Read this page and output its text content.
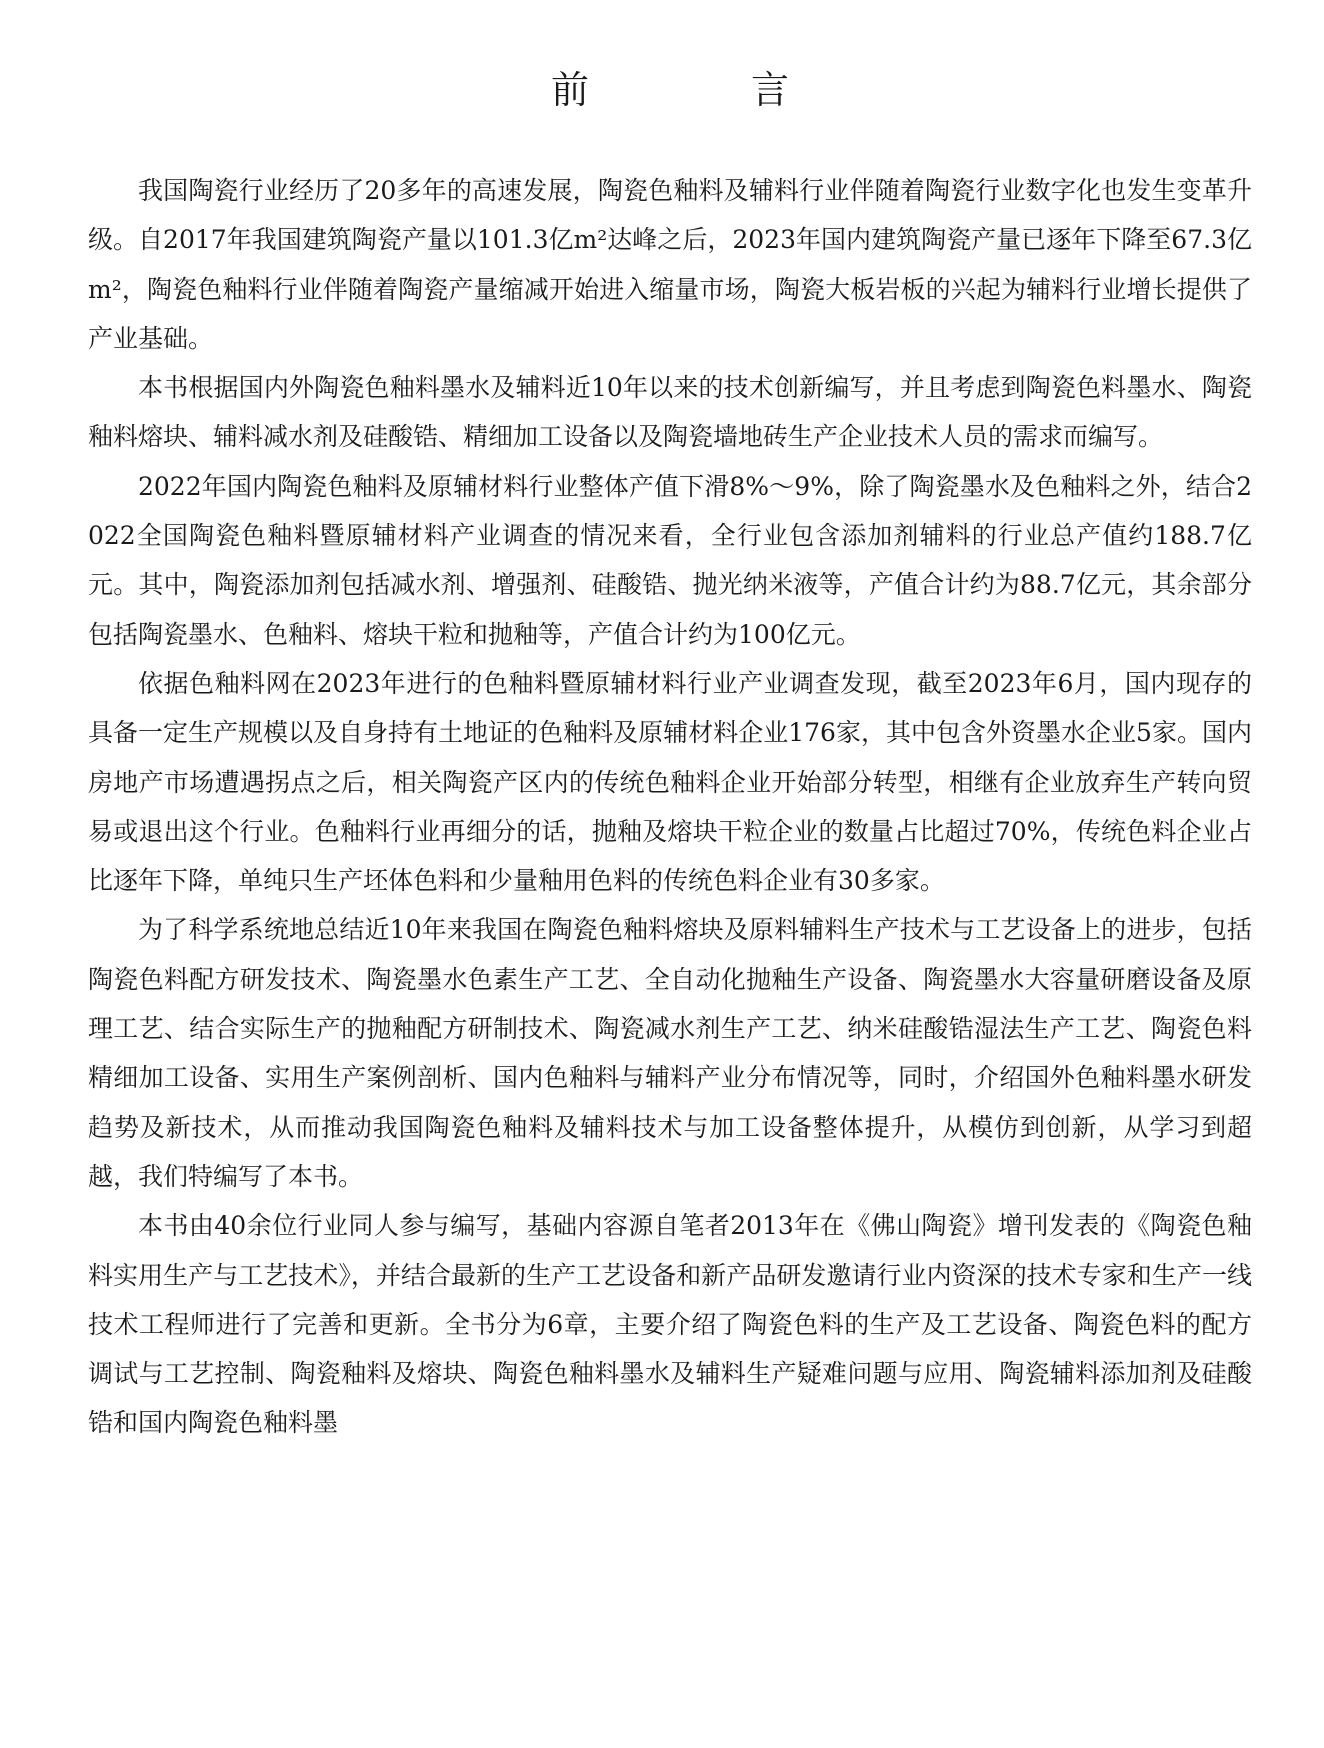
前　言

我国陶瓷行业经历了20多年的高速发展，陶瓷色釉料及辅料行业伴随着陶瓷行业数字化也发生变革升级。自2017年我国建筑陶瓷产量以101.3亿m²达峰之后，2023年国内建筑陶瓷产量已逐年下降至67.3亿m²，陶瓷色釉料行业伴随着陶瓷产量缩减开始进入缩量市场，陶瓷大板岩板的兴起为辅料行业增长提供了产业基础。

本书根据国内外陶瓷色釉料墨水及辅料近10年以来的技术创新编写，并且考虑到陶瓷色料墨水、陶瓷釉料熔块、辅料减水剂及硅酸锆、精细加工设备以及陶瓷墙地砖生产企业技术人员的需求而编写。

2022年国内陶瓷色釉料及原辅材料行业整体产值下滑8%～9%，除了陶瓷墨水及色釉料之外，结合2022全国陶瓷色釉料暨原辅材料产业调查的情况来看，全行业包含添加剂辅料的行业总产值约188.7亿元。其中，陶瓷添加剂包括减水剂、增强剂、硅酸锆、抛光纳米液等，产值合计约为88.7亿元，其余部分包括陶瓷墨水、色釉料、熔块干粒和抛釉等，产值合计约为100亿元。

依据色釉料网在2023年进行的色釉料暨原辅材料行业产业调查发现，截至2023年6月，国内现存的具备一定生产规模以及自身持有土地证的色釉料及原辅材料企业176家，其中包含外资墨水企业5家。国内房地产市场遭遇拐点之后，相关陶瓷产区内的传统色釉料企业开始部分转型，相继有企业放弃生产转向贸易或退出这个行业。色釉料行业再细分的话，抛釉及熔块干粒企业的数量占比超过70%，传统色料企业占比逐年下降，单纯只生产坯体色料和少量釉用色料的传统色料企业有30多家。

为了科学系统地总结近10年来我国在陶瓷色釉料熔块及原料辅料生产技术与工艺设备上的进步，包括陶瓷色料配方研发技术、陶瓷墨水色素生产工艺、全自动化抛釉生产设备、陶瓷墨水大容量研磨设备及原理工艺、结合实际生产的抛釉配方研制技术、陶瓷减水剂生产工艺、纳米硅酸锆湿法生产工艺、陶瓷色料精细加工设备、实用生产案例剖析、国内色釉料与辅料产业分布情况等，同时，介绍国外色釉料墨水研发趋势及新技术，从而推动我国陶瓷色釉料及辅料技术与加工设备整体提升，从模仿到创新，从学习到超越，我们特编写了本书。

本书由40余位行业同人参与编写，基础内容源自笔者2013年在《佛山陶瓷》增刊发表的《陶瓷色釉料实用生产与工艺技术》，并结合最新的生产工艺设备和新产品研发邀请行业内资深的技术专家和生产一线技术工程师进行了完善和更新。全书分为6章，主要介绍了陶瓷色料的生产及工艺设备、陶瓷色料的配方调试与工艺控制、陶瓷釉料及熔块、陶瓷色釉料墨水及辅料生产疑难问题与应用、陶瓷辅料添加剂及硅酸锆和国内陶瓷色釉料墨
